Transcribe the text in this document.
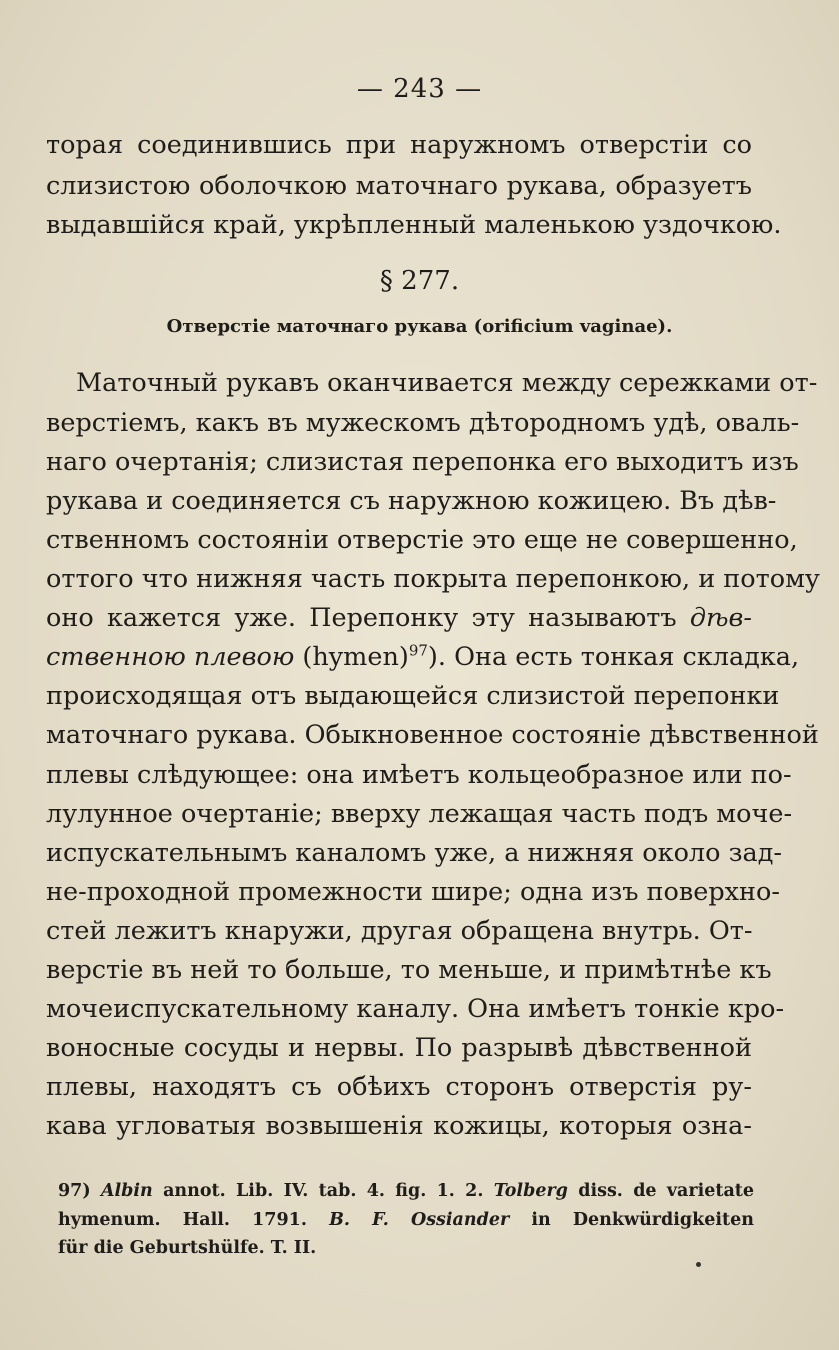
— 243 —
торая соединившись при наружномъ отверстіи со
слизистою оболочкою маточнаго рукава, образуетъ
выдавшійся край, укрѣпленный маленькою уздочкою.
§ 277.
Отверстіе маточнаго рукава (orificium vaginae).
Маточный рукавъ оканчивается между сережками от-
верстіемъ, какъ въ мужескомъ дѣтородномъ удѣ, оваль-
наго очертанія; слизистая перепонка его выходитъ изъ
рукава и соединяется съ наружною кожицею. Въ дѣв-
ственномъ состояніи отверстіе это еще не совершенно,
оттого что нижняя часть покрыта перепонкою, и потому
оно кажется уже. Перепонку эту называютъ дѣв-
ственною плевою (hymen)$^{97}$). Она есть тонкая складка,
происходящая отъ выдающейся слизистой перепонки
маточнаго рукава. Обыкновенное состояніе дѣвственной
плевы слѣдующее: она имѣетъ кольцеобразное или по-
лулунное очертаніе; вверху лежащая часть подъ моче-
испускательнымъ каналомъ уже, а нижняя около зад-
не-проходной промежности шире; одна изъ поверхно-
стей лежитъ кнаружи, другая обращена внутрь. От-
верстіе въ ней то больше, то меньше, и примѣтнѣе къ
мочеиспускательному каналу. Она имѣетъ тонкіе кро-
воносные сосуды и нервы. По разрывѣ дѣвственной
плевы, находятъ съ обѣихъ сторонъ отверстія ру-
кава угловатыя возвышенія кожицы, которыя озна-
97) Albin annot. Lib. IV. tab. 4. fig. 1. 2. Tolberg diss. de varietate
hymenum. Hall. 1791. B. F. Ossiander in Denkwürdigkeiten
für die Geburtshülfe. T. II.
